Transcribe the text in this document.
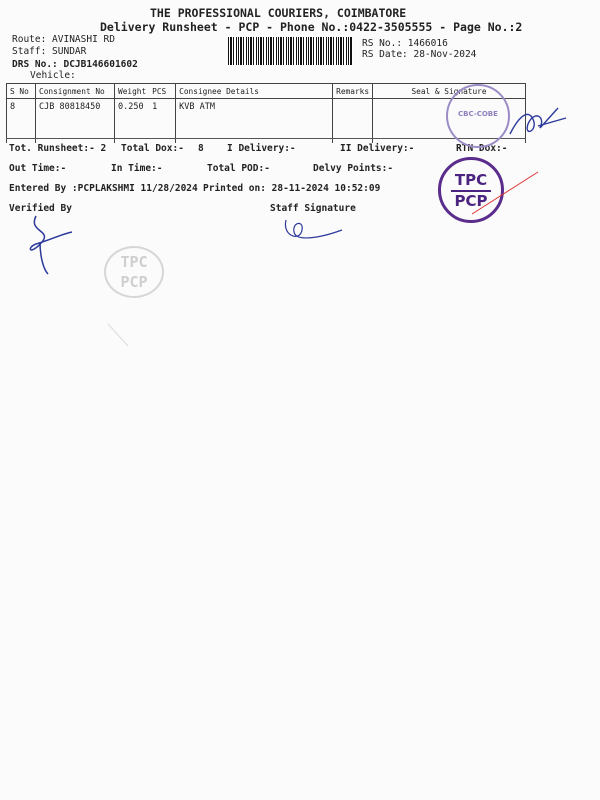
THE PROFESSIONAL COURIERS, COIMBATORE
Delivery Runsheet - PCP - Phone No.:0422-3505555 - Page No.:2
Route: AVINASHI RD
Staff: SUNDAR
DRS No.: DCJB146601602
Vehicle:
RS No.: 1466016
RS Date: 28-Nov-2024

S No	Consignment No	Weight	PCS	Consignee Details	Remarks	Seal & Signature
8	CJB 80818450	0.250	1	KVB ATM		

Tot. Runsheet:- 2 Total Dox:- 8 I Delivery:-	II Delivery:-	RTN Dox:-
Out Time:-	In Time:-	Total POD:-	Delvy Points:-
Entered By :PCPLAKSHMI 11/28/2024 Printed on: 28-11-2024 10:52:09
Verified By	Staff Signature
CBC-COBE
TPC
PCP
TPC
PCP
